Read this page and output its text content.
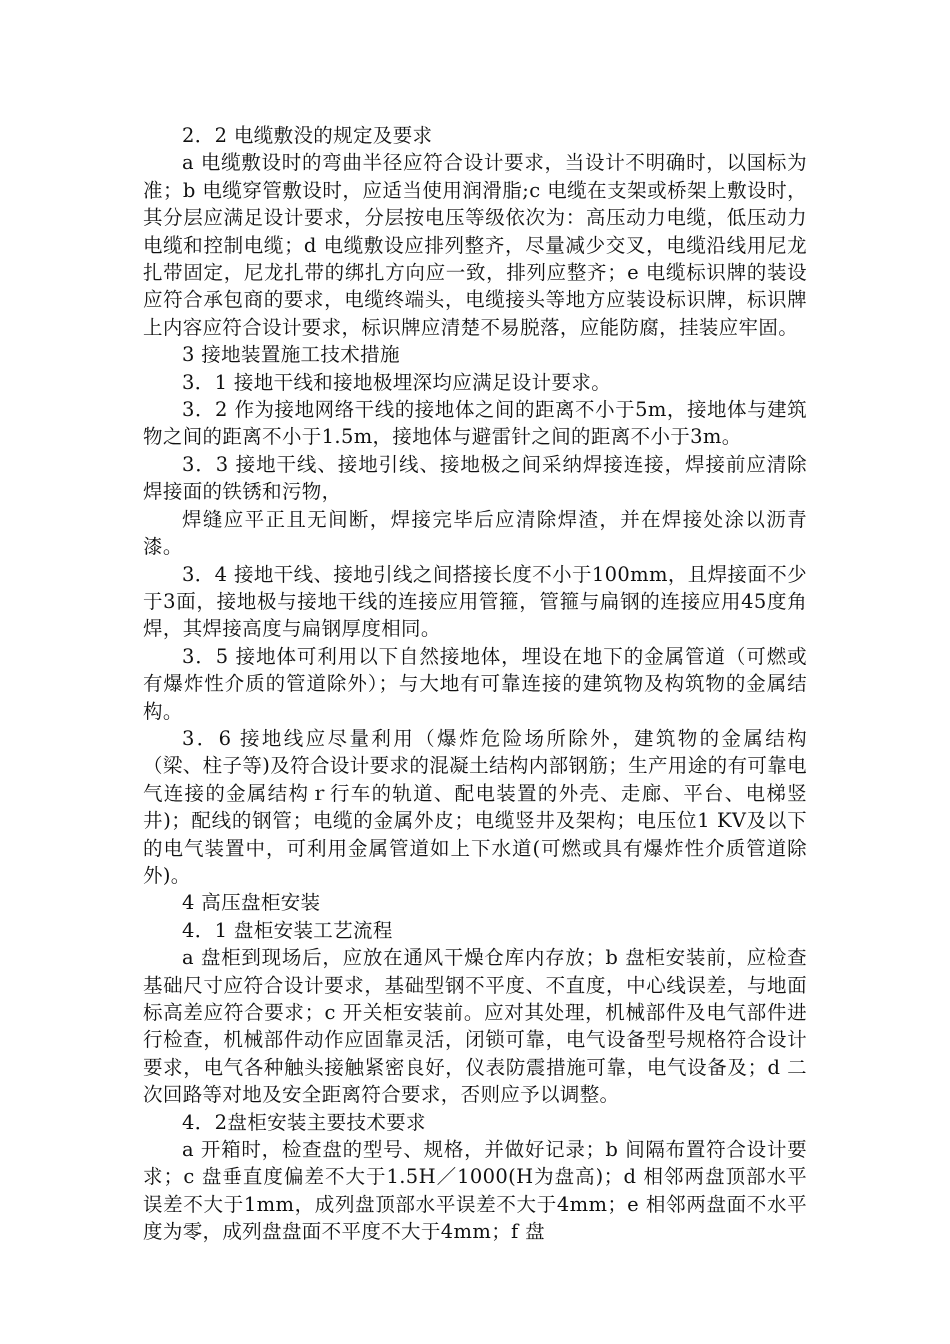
2．2 电缆敷没的规定及要求

a 电缆敷设时的弯曲半径应符合设计要求，当设计不明确时，以国标为准；b 电缆穿管敷设时，应适当使用润滑脂;c 电缆在支架或桥架上敷设时，其分层应满足设计要求，分层按电压等级依次为：高压动力电缆，低压动力电缆和控制电缆；d 电缆敷设应排列整齐，尽量减少交叉，电缆沿线用尼龙扎带固定，尼龙扎带的绑扎方向应一致，排列应整齐；e 电缆标识牌的装设应符合承包商的要求，电缆终端头，电缆接头等地方应装设标识牌，标识牌上内容应符合设计要求，标识牌应清楚不易脱落，应能防腐，挂装应牢固。

3 接地装置施工技术措施

3．1 接地干线和接地极埋深均应满足设计要求。

3．2 作为接地网络干线的接地体之间的距离不小于5m，接地体与建筑物之间的距离不小于1.5m，接地体与避雷针之间的距离不小于3m。

3．3 接地干线、接地引线、接地极之间采纳焊接连接，焊接前应清除焊接面的铁锈和污物，

焊缝应平正且无间断，焊接完毕后应清除焊渣，并在焊接处涂以沥青漆。

3．4 接地干线、接地引线之间搭接长度不小于100mm，且焊接面不少于3面，接地极与接地干线的连接应用管箍，管箍与扁钢的连接应用45度角焊，其焊接高度与扁钢厚度相同。

3．5 接地体可利用以下自然接地体，埋设在地下的金属管道（可燃或有爆炸性介质的管道除外）；与大地有可靠连接的建筑物及构筑物的金属结构。

3．6 接地线应尽量利用（爆炸危险场所除外，建筑物的金属结构（梁、柱子等)及符合设计要求的混凝土结构内部钢筋；生产用途的有可靠电气连接的金属结构ｒ行车的轨道、配电装置的外壳、走廊、平台、电梯竖井)；配线的钢管；电缆的金属外皮；电缆竖井及架构；电压位1 KV及以下的电气装置中，可利用金属管道如上下水道(可燃或具有爆炸性介质管道除外)。

4 高压盘柜安装

4．1 盘柜安装工艺流程

a 盘柜到现场后，应放在通风干燥仓库内存放；b 盘柜安装前，应检查基础尺寸应符合设计要求，基础型钢不平度、不直度，中心线误差，与地面标高差应符合要求；c 开关柜安装前。应对其处理，机械部件及电气部件进行检查，机械部件动作应固靠灵活，闭锁可靠，电气设备型号规格符合设计要求，电气各种触头接触紧密良好，仪表防震措施可靠，电气设备及；d 二次回路等对地及安全距离符合要求，否则应予以调整。

4．2盘柜安装主要技术要求

a 开箱时，检查盘的型号、规格，并做好记录；b 间隔布置符合设计要求；c 盘垂直度偏差不大于1.5H／1000(H为盘高)；d 相邻两盘顶部水平误差不大于1mm，成列盘顶部水平误差不大于4mm；e 相邻两盘面不水平度为零，成列盘盘面不平度不大于4mm；f 盘
